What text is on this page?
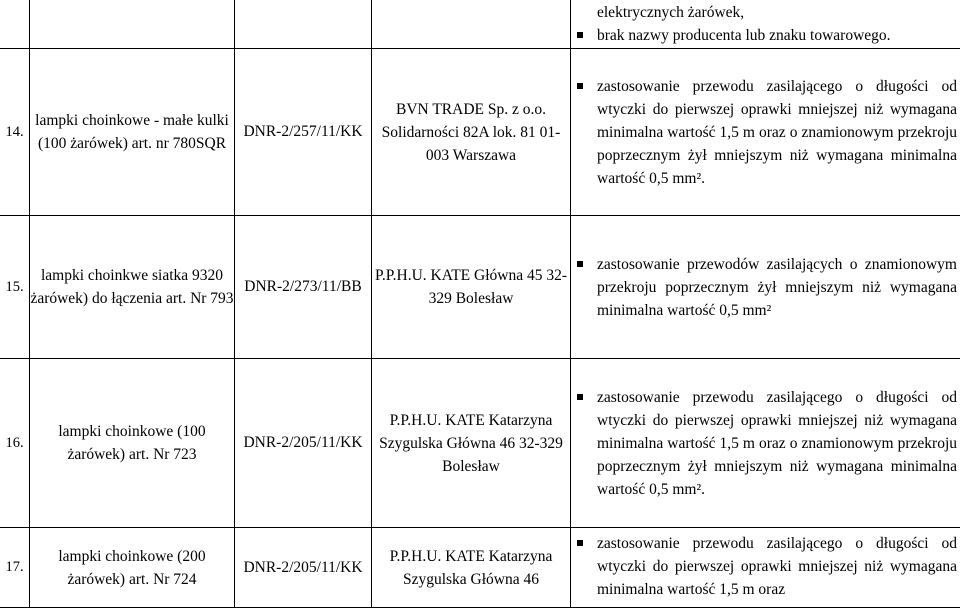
				elektrycznych żarówek,
brak nazwy producenta lub znaku towarowego.

14.	lampki choinkowe - małe kulki (100 żarówek) art. nr 780SQR	DNR-2/257/11/KK	BVN TRADE Sp. z o.o. Solidarności 82A lok. 81 01-003 Warszawa	zastosowanie przewodu zasilającego o długości od wtyczki do pierwszej oprawki mniejszej niż wymagana minimalna wartość 1,5 m oraz o znamionowym przekroju poprzecznym żył mniejszym niż wymagana minimalna wartość 0,5 mm².

15.	lampki choinkwe siatka 9320 żarówek) do łączenia art. Nr 793	DNR-2/273/11/BB	P.P.H.U. KATE Główna 45 32-329 Bolesław	zastosowanie przewodów zasilających o znamionowym przekroju poprzecznym żył mniejszym niż wymagana minimalna wartość 0,5 mm²

16.	lampki choinkowe (100 żarówek) art. Nr 723	DNR-2/205/11/KK	P.P.H.U. KATE Katarzyna Szygulska Główna 46 32-329 Bolesław	zastosowanie przewodu zasilającego o długości od wtyczki do pierwszej oprawki mniejszej niż wymagana minimalna wartość 1,5 m oraz o znamionowym przekroju poprzecznym żył mniejszym niż wymagana minimalna wartość 0,5 mm².

17.	lampki choinkowe (200 żarówek) art. Nr 724	DNR-2/205/11/KK	P.P.H.U. KATE Katarzyna Szygulska Główna 46	zastosowanie przewodu zasilającego o długości od wtyczki do pierwszej oprawki mniejszej niż wymagana minimalna wartość 1,5 m oraz
